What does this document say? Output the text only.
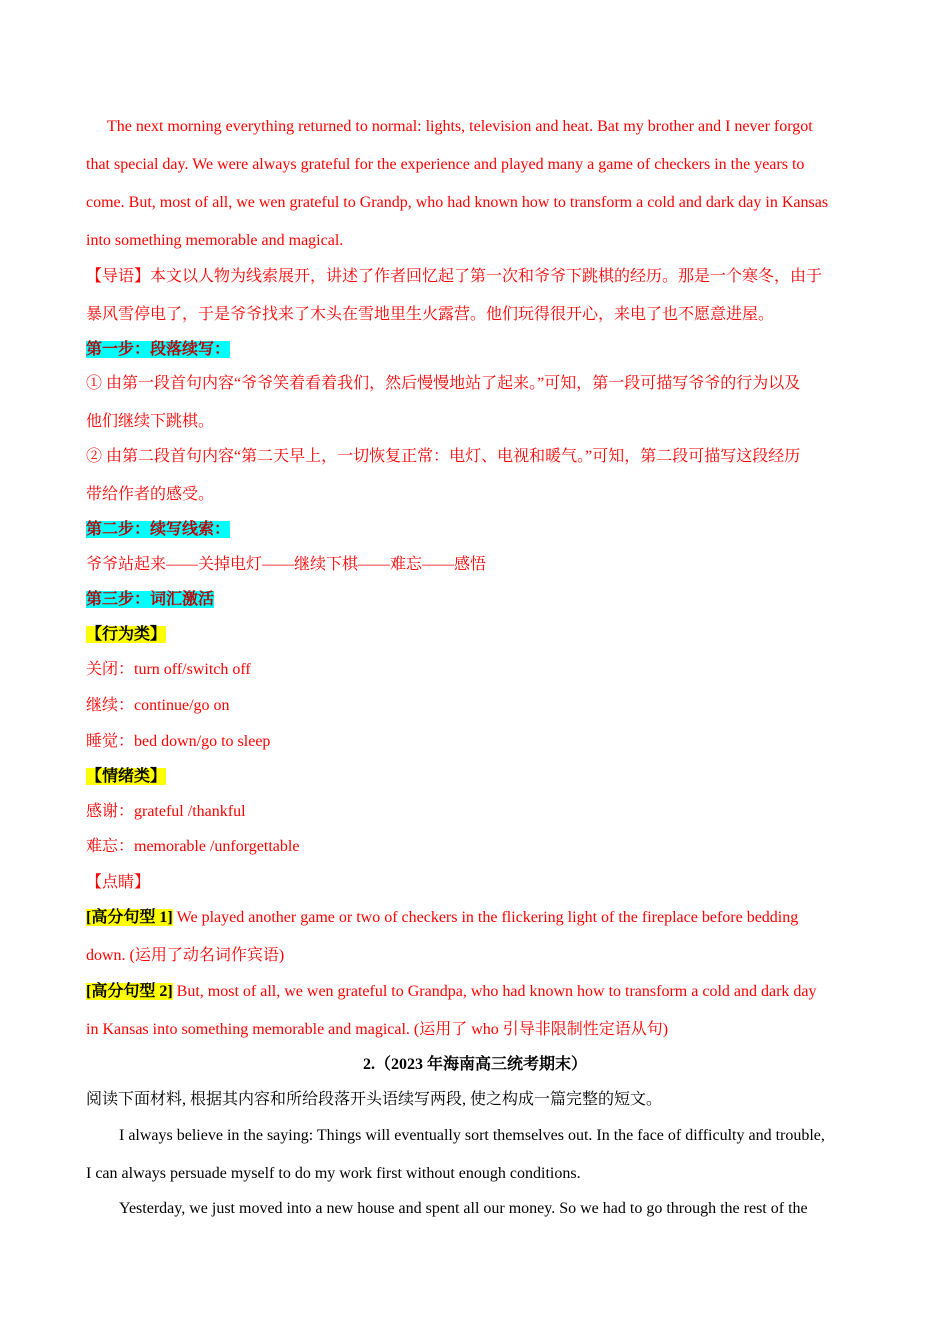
The next morning everything returned to normal: lights, television and heat. Bat my brother and I never forgot
that special day. We were always grateful for the experience and played many a game of checkers in the years to
come. But, most of all, we wen grateful to Grandp, who had known how to transform a cold and dark day in Kansas
into something memorable and magical.
【导语】本文以人物为线索展开，讲述了作者回忆起了第一次和爷爷下跳棋的经历。那是一个寒冬，由于
暴风雪停电了，于是爷爷找来了木头在雪地里生火露营。他们玩得很开心，来电了也不愿意进屋。
第一步：段落续写：
① 由第一段首句内容“爷爷笑着看着我们，然后慢慢地站了起来。”可知，第一段可描写爷爷的行为以及
他们继续下跳棋。
② 由第二段首句内容“第二天早上，一切恢复正常：电灯、电视和暖气。”可知，第二段可描写这段经历
带给作者的感受。
第二步：续写线索：
爷爷站起来——关掉电灯——继续下棋——难忘——感悟
第三步：词汇激活
【行为类】
关闭：turn off/switch off
继续：continue/go on
睡觉：bed down/go to sleep
【情绪类】
感谢：grateful /thankful
难忘：memorable /unforgettable
【点睛】
[高分句型 1] We played another game or two of checkers in the flickering light of the fireplace before bedding
down. (运用了动名词作宾语)
[高分句型 2] But, most of all, we wen grateful to Grandpa, who had known how to transform a cold and dark day
in Kansas into something memorable and magical. (运用了 who 引导非限制性定语从句)
2.（2023 年海南高三统考期末）
阅读下面材料, 根据其内容和所给段落开头语续写两段, 使之构成一篇完整的短文。
I always believe in the saying: Things will eventually sort themselves out. In the face of difficulty and trouble,
I can always persuade myself to do my work first without enough conditions.
Yesterday, we just moved into a new house and spent all our money. So we had to go through the rest of the
